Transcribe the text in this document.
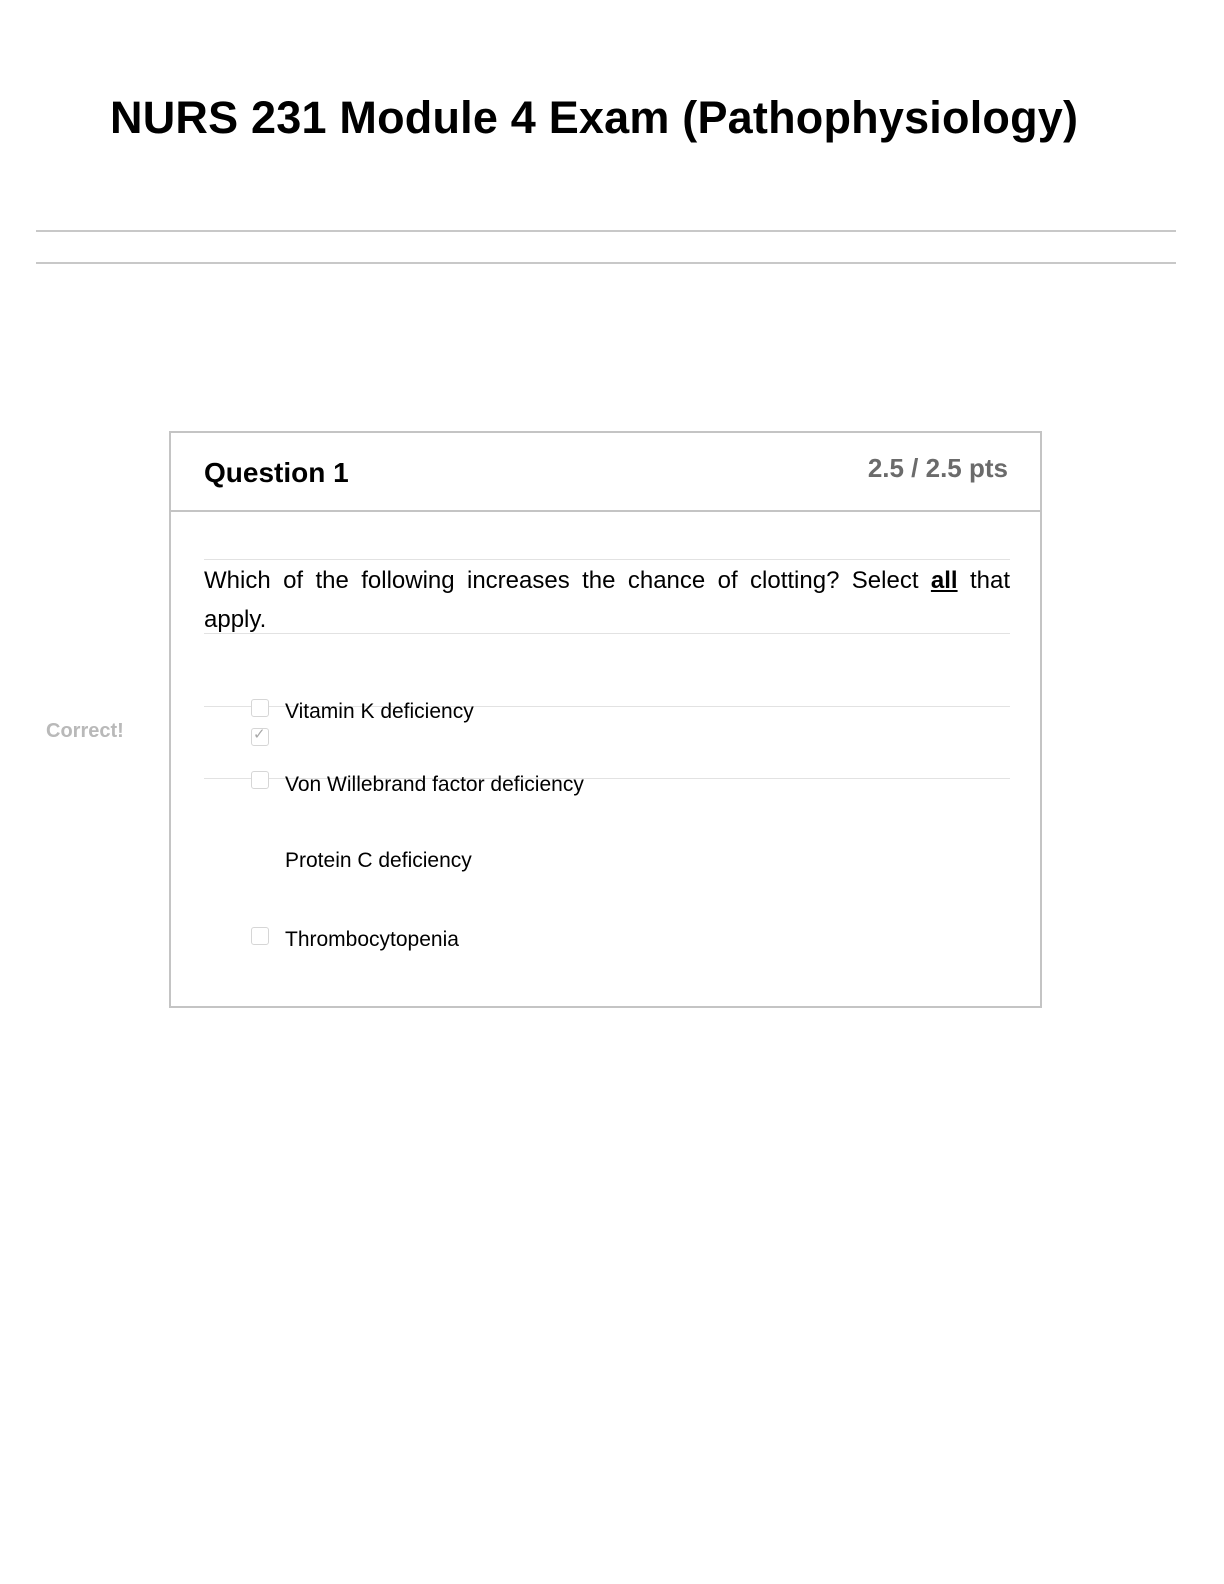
NURS 231 Module 4 Exam (Pathophysiology)
Correct!
Question 1	2.5 / 2.5 pts
Which of the following increases the chance of clotting? Select all that apply.
✓
Vitamin K deficiency
Von Willebrand factor deficiency
Protein C deficiency
Thrombocytopenia
